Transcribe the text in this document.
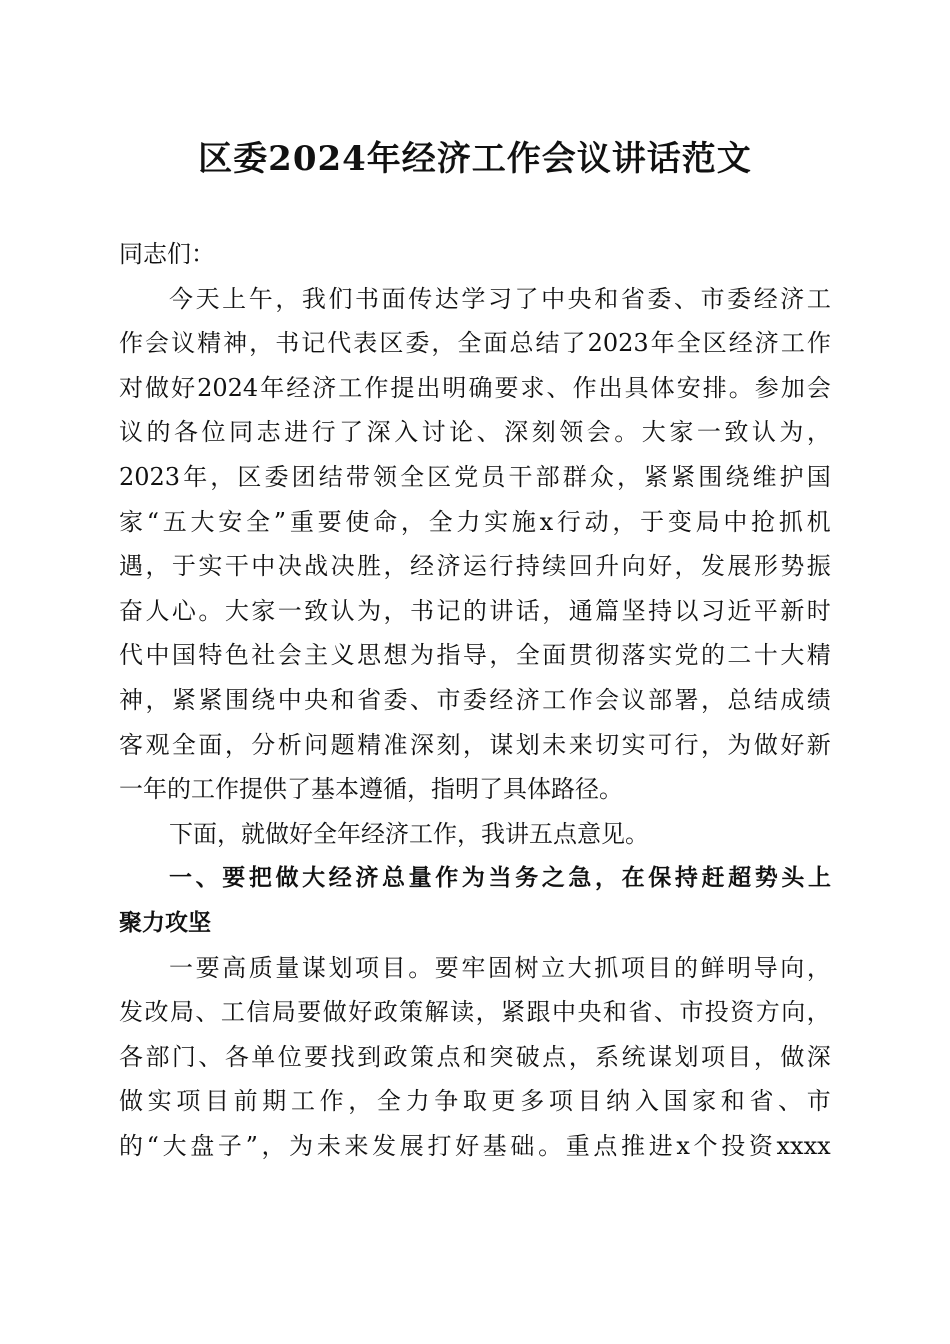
区委2024年经济工作会议讲话范文
同志们：
今 天 上 午 ， 我 们 书 面 传 达 学 习 了 中 央 和 省 委 、 市 委 经 济 工
作 会 议 精 神 ， 书 记 代 表 区 委 ， 全 面 总 结 了 2023 年 全 区 经 济 工 作
对 做 好 2024 年 经 济 工 作 提 出 明 确 要 求 、 作 出 具 体 安 排 。 参 加 会
议 的 各 位 同 志 进 行 了 深 入 讨 论 、 深 刻 领 会 。 大 家 一 致 认 为 ，
2023 年 ， 区 委 团 结 带 领 全 区 党 员 干 部 群 众 ， 紧 紧 围 绕 维 护 国
家 “ 五 大 安 全 ” 重 要 使 命 ， 全 力 实 施 x 行 动 ， 于 变 局 中 抢 抓 机
遇 ， 于 实 干 中 决 战 决 胜 ， 经 济 运 行 持 续 回 升 向 好 ， 发 展 形 势 振
奋 人 心 。 大 家 一 致 认 为 ， 书 记 的 讲 话 ， 通 篇 坚 持 以 习 近 平 新 时
代 中 国 特 色 社 会 主 义 思 想 为 指 导 ， 全 面 贯 彻 落 实 党 的 二 十 大 精
神 ， 紧 紧 围 绕 中 央 和 省 委 、 市 委 经 济 工 作 会 议 部 署 ， 总 结 成 绩
客 观 全 面 ， 分 析 问 题 精 准 深 刻 ， 谋 划 未 来 切 实 可 行 ， 为 做 好 新
一年的工作提供了基本遵循，指明了具体路径。
下面，就做好全年经济工作，我讲五点意见。
一 、 要 把 做 大 经 济 总 量 作 为 当 务 之 急 ， 在 保 持 赶 超 势 头 上
聚力攻坚
一 要 高 质 量 谋 划 项 目 。 要 牢 固 树 立 大 抓 项 目 的 鲜 明 导 向 ，
发 改 局 、 工 信 局 要 做 好 政 策 解 读 ， 紧 跟 中 央 和 省 、 市 投 资 方 向 ，
各 部 门 、 各 单 位 要 找 到 政 策 点 和 突 破 点 ， 系 统 谋 划 项 目 ， 做 深
做 实 项 目 前 期 工 作 ， 全 力 争 取 更 多 项 目 纳 入 国 家 和 省 、 市
的 “ 大 盘 子 ” ， 为 未 来 发 展 打 好 基 础 。 重 点 推 进 x 个 投 资 xxxx
